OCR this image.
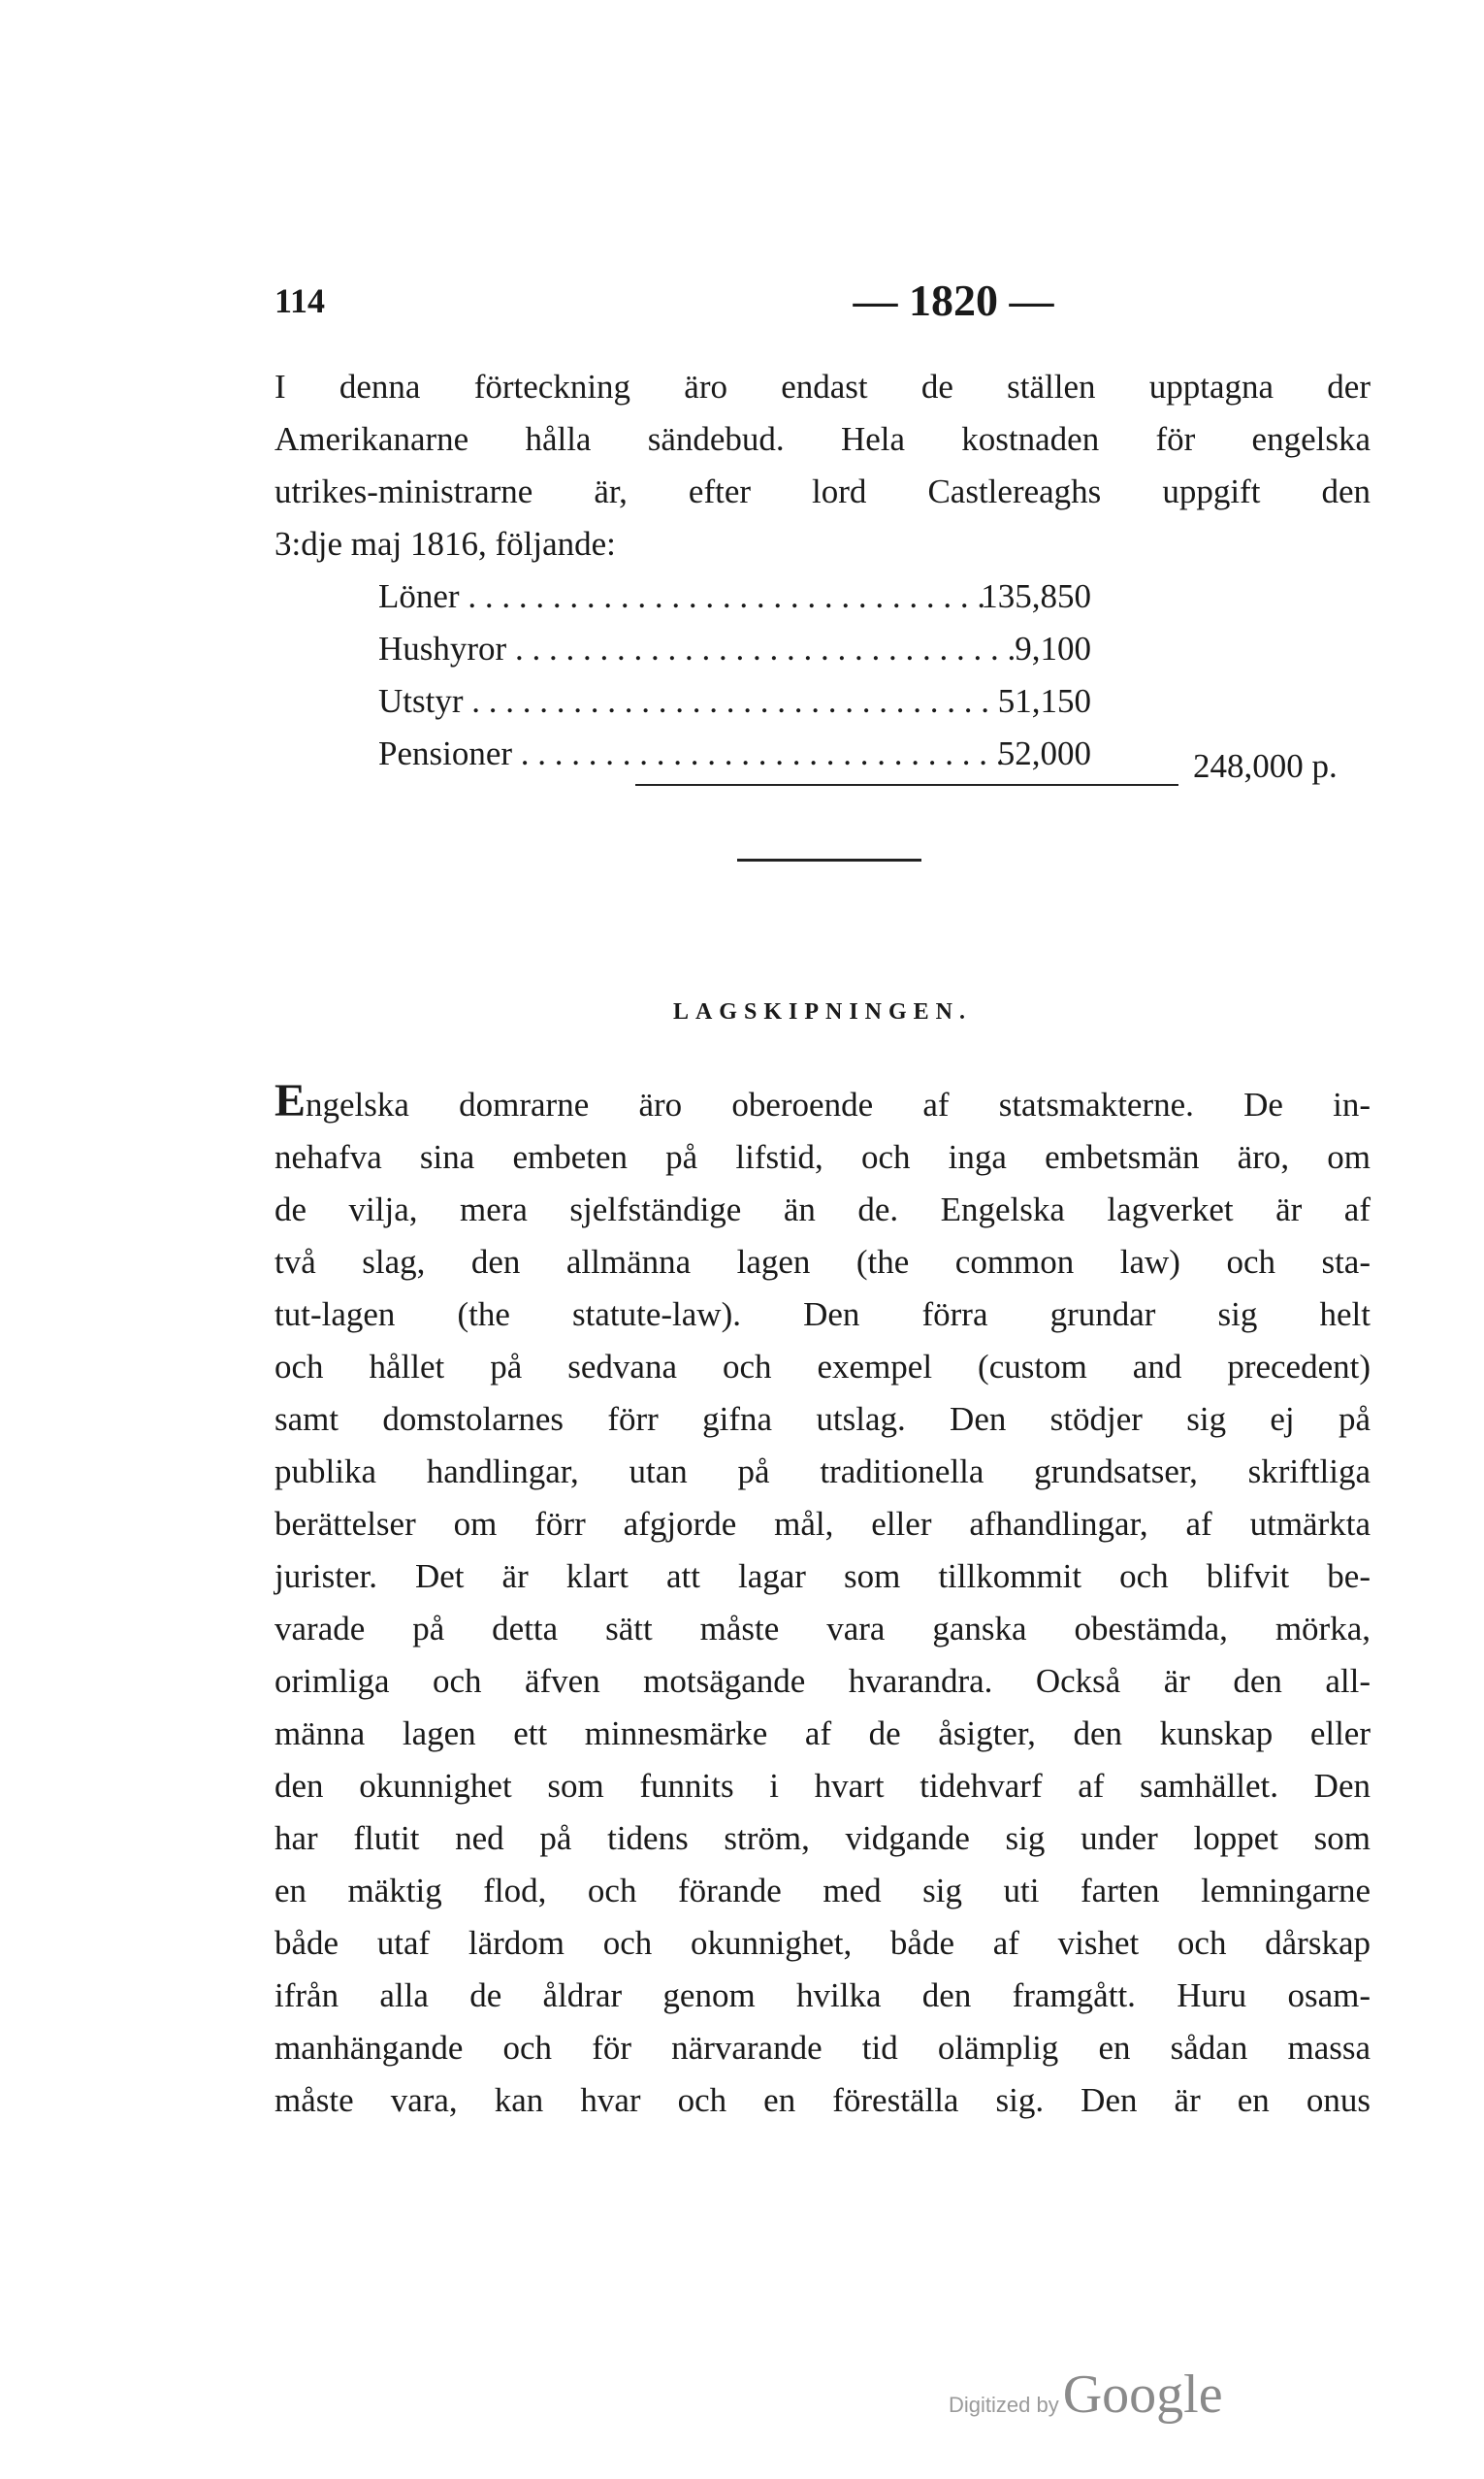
114	— 1820 —
I denna förteckning äro endast de ställen upptagna der
Amerikanarne hålla sändebud. Hela kostnaden för engelska
utrikes-ministrarne är, efter lord Castlereaghs uppgift den
3:dje maj 1816, följande:
Löner . . . . . . . . . . . . . . . . . . . . . . . . . . . . . . .
135,850
Hushyror . . . . . . . . . . . . . . . . . . . . . . . . . . . . . . 9,100
Utstyr . . . . . . . . . . . . . . . . . . . . . . . . . . . . . . . 51,150
Pensioner . . . . . . . . . . . . . . . . . . . . . . . . . . . . .
52,000	248,000 p.
LAGSKIPNINGEN.
Engelska domrarne äro oberoende af statsmakterne. De in-
nehafva sina embeten på lifstid, och inga embetsmän äro, om
de vilja, mera sjelfständige än de. Engelska lagverket är af
två slag, den allmänna lagen (the common law) och sta-
tut-lagen (the statute-law). Den förra grundar sig helt
och hållet på sedvana och exempel (custom and precedent)
samt domstolarnes förr gifna utslag. Den stödjer sig ej på
publika handlingar, utan på traditionella grundsatser, skriftliga
berättelser om förr afgjorde mål, eller afhandlingar, af utmärkta
jurister. Det är klart att lagar som tillkommit och blifvit be-
varade på detta sätt måste vara ganska obestämda, mörka,
orimliga och äfven motsägande hvarandra. Också är den all-
männa lagen ett minnesmärke af de åsigter, den kunskap eller
den okunnighet som funnits i hvart tidehvarf af samhället. Den
har flutit ned på tidens ström, vidgande sig under loppet som
en mäktig flod, och förande med sig uti farten lemningarne
både utaf lärdom och okunnighet, både af vishet och dårskap
ifrån alla de åldrar genom hvilka den framgått. Huru osam-
manhängande och för närvarande tid olämplig en sådan massa
måste vara, kan hvar och en föreställa sig. Den är en onus
Digitized byGoogle
